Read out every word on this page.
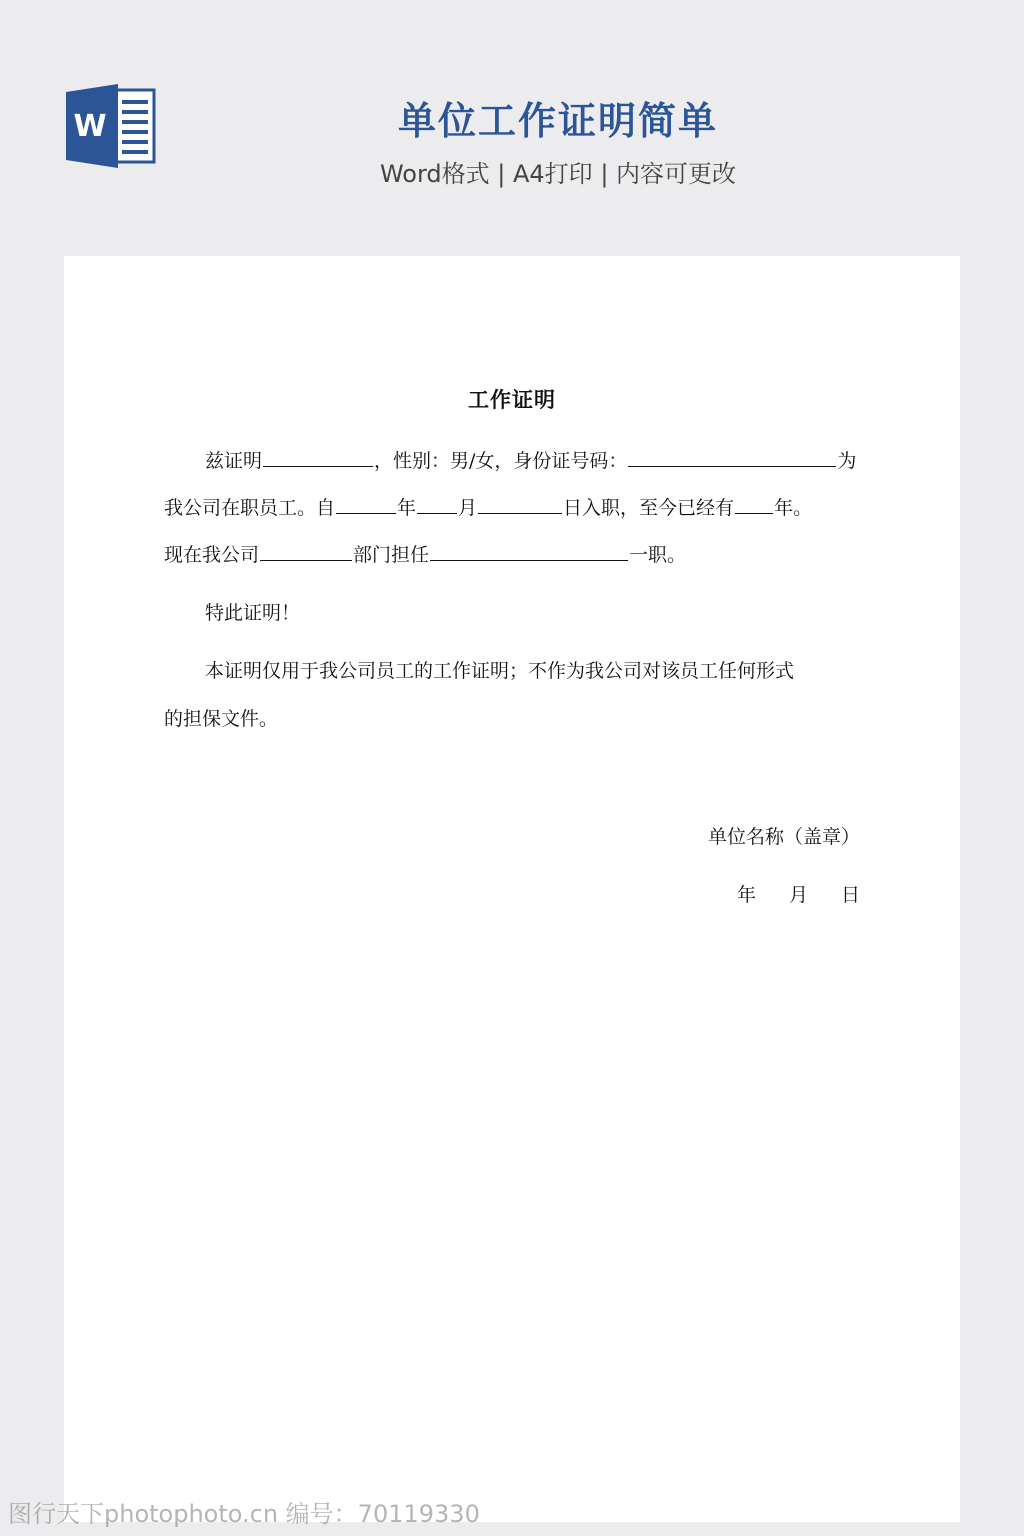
W	单位工作证明简单
Word格式 | A4打印 | 内容可更改
工作证明
兹证明	，性别：男/女，身份证号码：	为
我公司在职员工。自	年 月	日入职，至今已经有 年。
现在我公司	部门担任	一职。
特此证明！
本证明仅用于我公司员工的工作证明；不作为我公司对该员工任何形式
的担保文件。
单位名称（盖章）
年 月 日
图行天下photophoto.cn 编号：70119330
